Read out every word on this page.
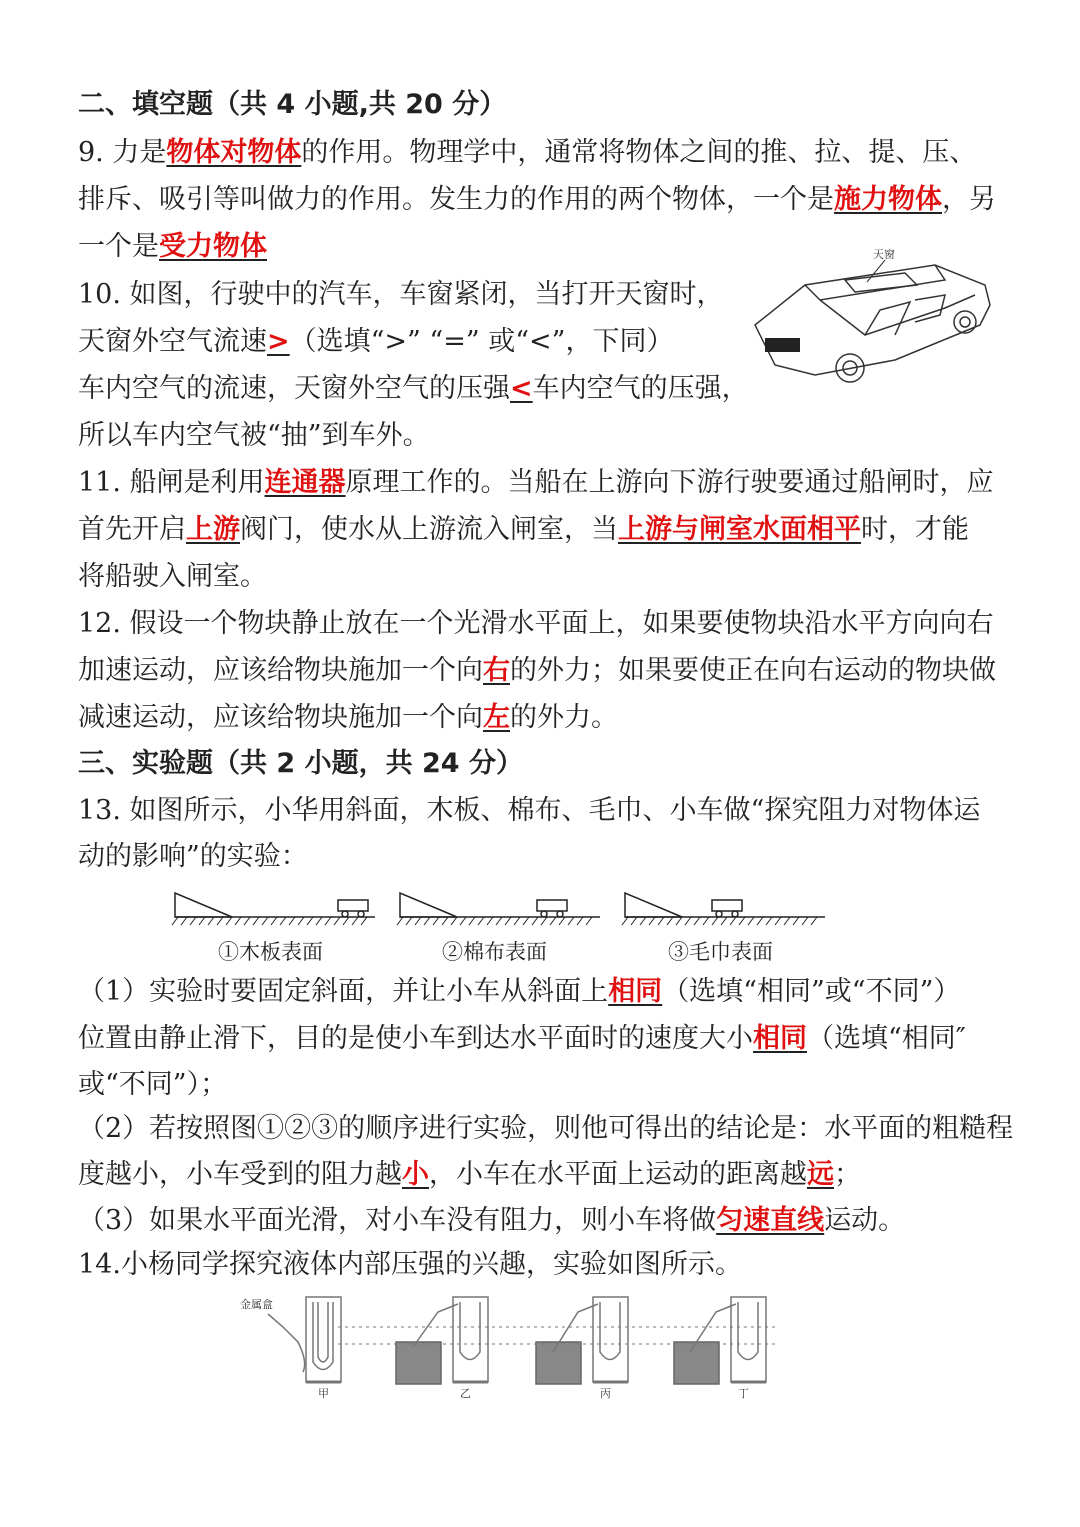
二、填空题（共 4 小题,共 20 分）
9. 力是物体对物体的作用。物理学中，通常将物体之间的推、拉、提、压、
排斥、吸引等叫做力的作用。发生力的作用的两个物体，一个是施力物体，另
一个是受力物体
10. 如图，行驶中的汽车，车窗紧闭，当打开天窗时，
天窗外空气流速>（选填“>” “=” 或“<”，下同）
车内空气的流速，天窗外空气的压强<车内空气的压强，
所以车内空气被“抽”到车外。
天窗
11. 船闸是利用连通器原理工作的。当船在上游向下游行驶要通过船闸时，应
首先开启上游阀门，使水从上游流入闸室，当上游与闸室水面相平时，才能
将船驶入闸室。
12. 假设一个物块静止放在一个光滑水平面上，如果要使物块沿水平方向向右
加速运动，应该给物块施加一个向右的外力；如果要使正在向右运动的物块做
减速运动，应该给物块施加一个向左的外力。
三、实验题（共 2 小题，共 24 分）
13. 如图所示，小华用斜面，木板、棉布、毛巾、小车做“探究阻力对物体运
动的影响”的实验：
①木板表面	②棉布表面	③毛巾表面
（1）实验时要固定斜面，并让小车从斜面上相同（选填“相同”或“不同”）
位置由静止滑下，目的是使小车到达水平面时的速度大小相同（选填“相同″
或“不同”）；
（2）若按照图①②③的顺序进行实验，则他可得出的结论是：水平面的粗糙程
度越小，小车受到的阻力越小，小车在水平面上运动的距离越远；
（3）如果水平面光滑，对小车没有阻力，则小车将做匀速直线运动。
14.小杨同学探究液体内部压强的兴趣，实验如图所示。
金属盒
甲	乙	丙	丁
